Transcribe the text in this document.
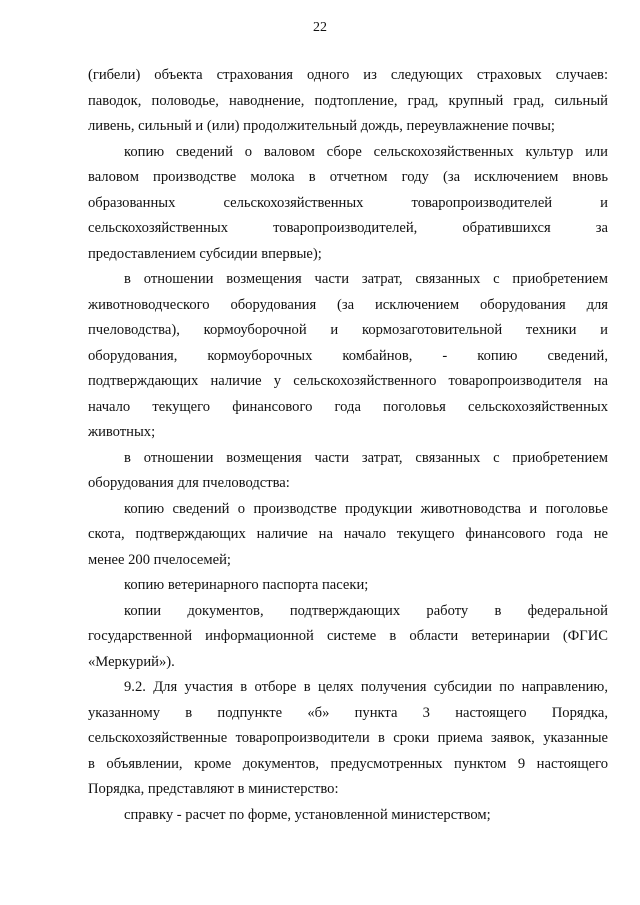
22
(гибели) объекта страхования одного из следующих страховых случаев:
паводок, половодье, наводнение, подтопление, град, крупный град, сильный
ливень, сильный и (или) продолжительный дождь, переувлажнение почвы;
копию сведений о валовом сборе сельскохозяйственных культур или
валовом производстве молока в отчетном году (за исключением вновь
образованных сельскохозяйственных товаропроизводителей и
сельскохозяйственных товаропроизводителей, обратившихся за
предоставлением субсидии впервые);
в отношении возмещения части затрат, связанных с приобретением
животноводческого оборудования (за исключением оборудования для
пчеловодства), кормоуборочной и кормозаготовительной техники и
оборудования, кормоуборочных комбайнов, - копию сведений,
подтверждающих наличие у сельскохозяйственного товаропроизводителя на
начало текущего финансового года поголовья сельскохозяйственных
животных;
в отношении возмещения части затрат, связанных с приобретением
оборудования для пчеловодства:
копию сведений о производстве продукции животноводства и поголовье
скота, подтверждающих наличие на начало текущего финансового года не
менее 200 пчелосемей;
копию ветеринарного паспорта пасеки;
копии документов, подтверждающих работу в федеральной
государственной информационной системе в области ветеринарии (ФГИС
«Меркурий»).
9.2. Для участия в отборе в целях получения субсидии по направлению,
указанному в подпункте «б» пункта 3 настоящего Порядка,
сельскохозяйственные товаропроизводители в сроки приема заявок, указанные
в объявлении, кроме документов, предусмотренных пунктом 9 настоящего
Порядка, представляют в министерство:
справку - расчет по форме, установленной министерством;
